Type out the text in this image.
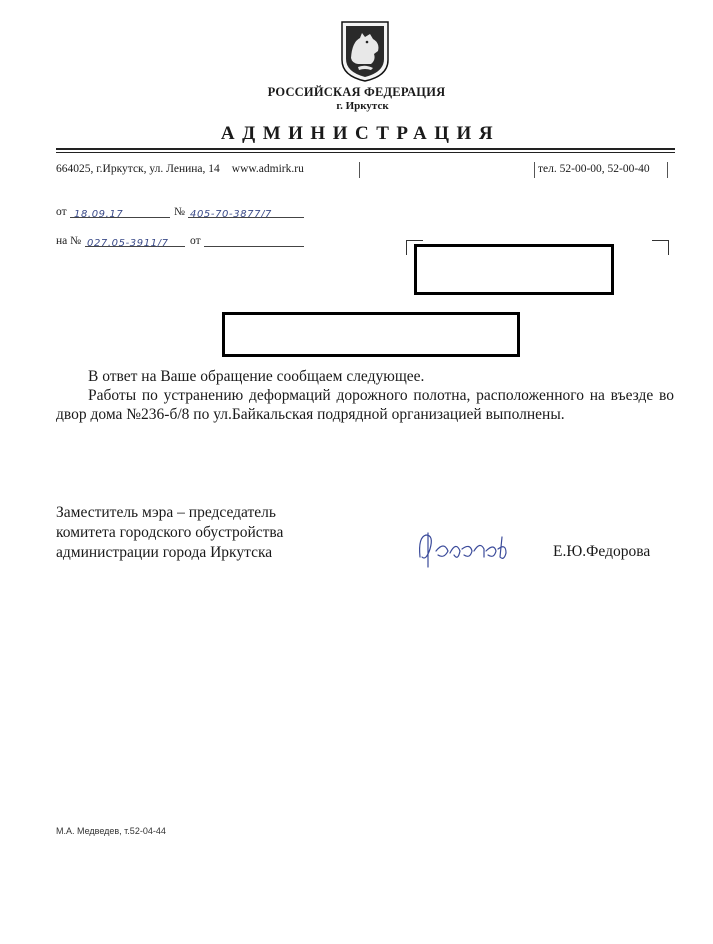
РОССИЙСКАЯ ФЕДЕРАЦИЯ
г. Иркутск
АДМИНИСТРАЦИЯ
664025, г.Иркутск, ул. Ленина, 14 www.admirk.ru	тел. 52-00-00, 52-00-40
от 18.09.17	№ 405-70-3877/7
на № 027.05-3911/7	от

В ответ на Ваше обращение сообщаем следующее.

Работы по устранению деформаций дорожного полотна, расположенного на въезде во двор дома №236-б/8 по ул.Байкальская подрядной организацией выполнены.

Заместитель мэра – председатель
комитета городского обустройства
администрации города Иркутска	Е.Ю.Федорова
М.А. Медведев, т.52-04-44
